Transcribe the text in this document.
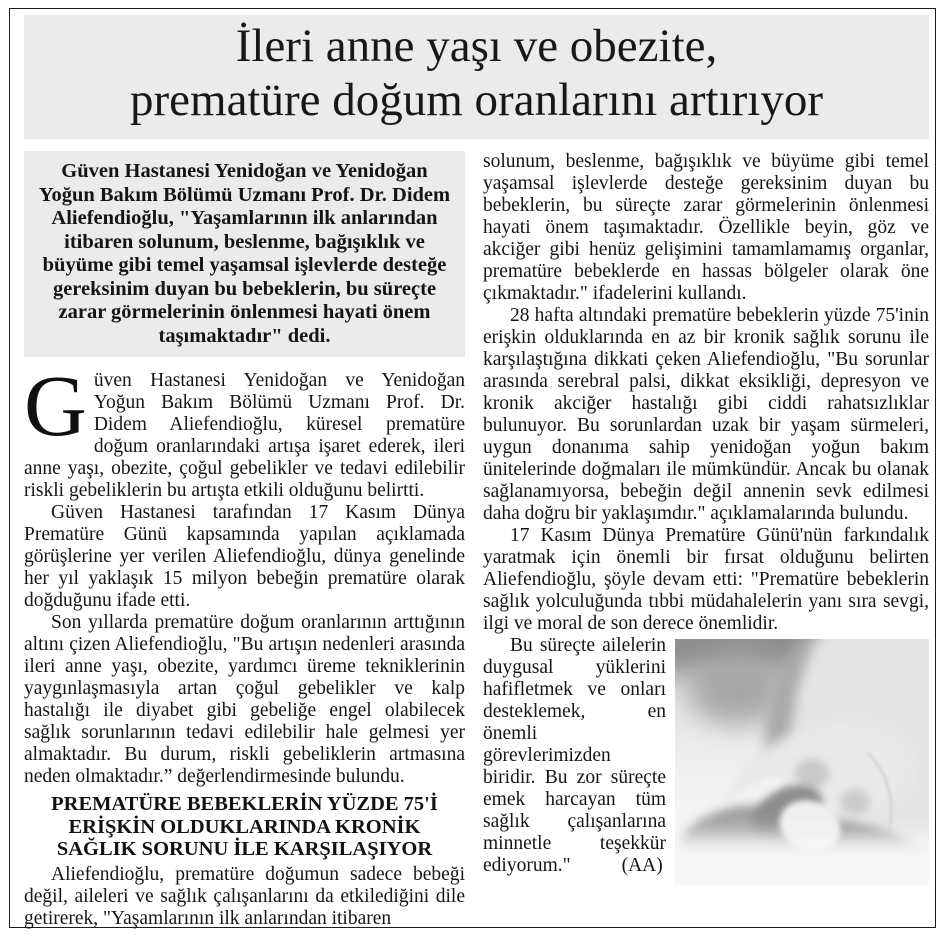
İleri anne yaşı ve obezite,
prematüre doğum oranlarını artırıyor
Güven Hastanesi Yenidoğan ve Yenidoğan Yoğun Bakım Bölümü Uzmanı Prof. Dr. Didem Aliefendioğlu, "Yaşamlarının ilk anlarından itibaren solunum, beslenme, bağışıklık ve büyüme gibi temel yaşamsal işlevlerde desteğe gereksinim duyan bu bebeklerin, bu süreçte zarar görmelerinin önlenmesi hayati önem taşımaktadır" dedi.

Güven Hastanesi Yenidoğan ve Yenidoğan Yoğun Bakım Bölümü Uzmanı Prof. Dr. Didem Aliefendioğlu, küresel prematüre doğum oranlarındaki artışa işaret ederek, ileri anne yaşı, obezite, çoğul gebelikler ve tedavi edilebilir riskli gebeliklerin bu artışta etkili olduğunu belirtti.

Güven Hastanesi tarafından 17 Kasım Dünya Prematüre Günü kapsamında yapılan açıklamada görüşlerine yer verilen Aliefendioğlu, dünya genelinde her yıl yaklaşık 15 milyon bebeğin prematüre olarak doğduğunu ifade etti.

Son yıllarda prematüre doğum oranlarının arttığının altını çizen Aliefendioğlu, "Bu artışın nedenleri arasında ileri anne yaşı, obezite, yardımcı üreme tekniklerinin yaygınlaşmasıyla artan çoğul gebelikler ve kalp hastalığı ile diyabet gibi gebeliğe engel olabilecek sağlık sorunlarının tedavi edilebilir hale gelmesi yer almaktadır. Bu durum, riskli gebeliklerin artmasına neden olmaktadır.” değerlendirmesinde bulundu.

PREMATÜRE BEBEKLERİN YÜZDE 75'İ
ERİŞKİN OLDUKLARINDA KRONİK
SAĞLIK SORUNU İLE KARŞILAŞIYOR

Aliefendioğlu, prematüre doğumun sadece bebeği değil, aileleri ve sağlık çalışanlarını da etkilediğini dile getirerek, "Yaşamlarının ilk anlarından itibaren

solunum, beslenme, bağışıklık ve büyüme gibi temel yaşamsal işlevlerde desteğe gereksinim duyan bu bebeklerin, bu süreçte zarar görmelerinin önlenmesi hayati önem taşımaktadır. Özellikle beyin, göz ve akciğer gibi henüz gelişimini tamamlamamış organlar, prematüre bebeklerde en hassas bölgeler olarak öne çıkmaktadır." ifadelerini kullandı.

28 hafta altındaki prematüre bebeklerin yüzde 75'inin erişkin olduklarında en az bir kronik sağlık sorunu ile karşılaştığına dikkati çeken Aliefendioğlu, "Bu sorunlar arasında serebral palsi, dikkat eksikliği, depresyon ve kronik akciğer hastalığı gibi ciddi rahatsızlıklar bulunuyor. Bu sorunlardan uzak bir yaşam sürmeleri, uygun donanıma sahip yenidoğan yoğun bakım ünitelerinde doğmaları ile mümkündür. Ancak bu olanak sağlanamıyorsa, bebeğin değil annenin sevk edilmesi daha doğru bir yaklaşımdır." açıklamalarında bulundu.

17 Kasım Dünya Prematüre Günü'nün farkındalık yaratmak için önemli bir fırsat olduğunu belirten Aliefendioğlu, şöyle devam etti: "Prematüre bebeklerin sağlık yolculuğunda tıbbi müdahalelerin yanı sıra sevgi, ilgi ve moral de son derece önemlidir.

Bu süreçte ailelerin duygusal yüklerini hafifletmek ve onları desteklemek, en önemli görevlerimizden biridir. Bu zor süreçte emek harcayan tüm sağlık çalışanlarına minnetle teşekkür ediyorum."	(AA)
